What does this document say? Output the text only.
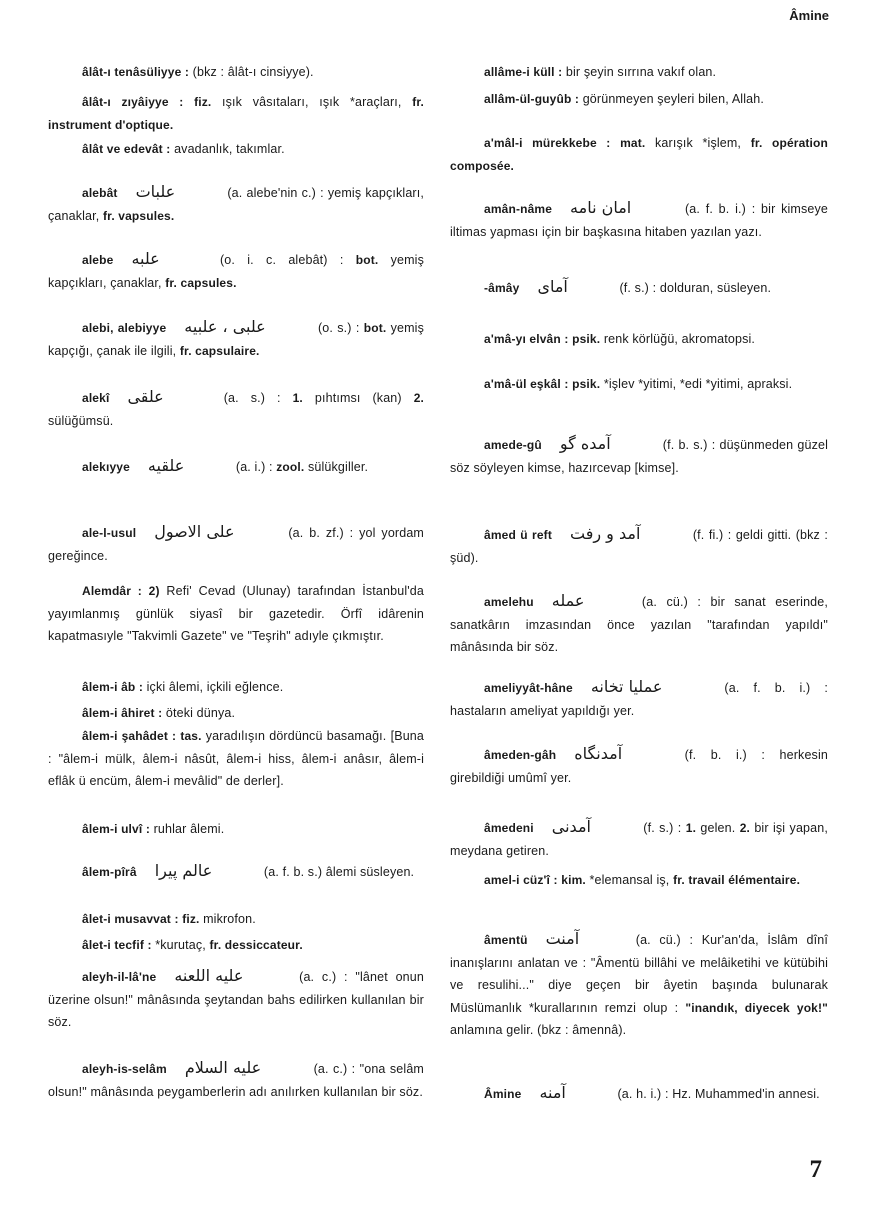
Âmine
âlât-ı tenâsüliyye : (bkz : âlât-ı cinsiyye).
âlât-ı zıyâiyye : fiz. ışık vâsıtaları, ışık *araçları, fr. instrument d'optique.
âlât ve edevât : avadanlık, takımlar.
alebât علبات	(a. alebe'nin c.) : yemiş kapçıkları, çanaklar, fr. vapsules.
alebe علبه	(o. i. c. alebât) : bot. yemiş kapçıkları, çanaklar, fr. capsules.
alebi, alebiyye علبى ، علبيه	(o. s.) : bot. yemiş kapçığı, çanak ile ilgili, fr. capsulaire.
alekî علقى	(a. s.) : 1. pıhtımsı (kan) 2. sülüğümsü.
alekıyye علقيه	(a. i.) : zool. sülükgiller.
ale-l-usul على الاصول	(a. b. zf.) : yol yordam gereğince.
Alemdâr : 2) Refi' Cevad (Ulunay) tarafından İstanbul'da yayımlanmış günlük siyasî bir gazetedir. Örfî idârenin kapatmasıyle "Takvimli Gazete" ve "Teşrih" adıyle çıkmıştır.
âlem-i âb : içki âlemi, içkili eğlence.
âlem-i âhiret : öteki dünya.
âlem-i şahâdet : tas. yaradılışın dördüncü basamağı. [Buna : "âlem-i mülk, âlem-i nâsût, âlem-i hiss, âlem-i anâsır, âlem-i eflâk ü encüm, âlem-i mevâlid" de derler].
âlem-i ulvî : ruhlar âlemi.
âlem-pîrâ عالم پيرا	(a. f. b. s.) âlemi süsleyen.
âlet-i musavvat : fiz. mikrofon.
âlet-i tecfif : *kurutaç, fr. dessiccateur.
aleyh-il-lâ'ne عليه اللعنه	(a. c.) : "lânet onun üzerine olsun!" mânâsında şeytandan bahs edilirken kullanılan bir söz.
aleyh-is-selâm عليه السلام	(a. c.) : "ona selâm olsun!" mânâsında peygamberlerin adı anılırken kullanılan bir söz.
allâme-i küll : bir şeyin sırrına vakıf olan.
allâm-ül-guyûb : görünmeyen şeyleri bilen, Allah.
a'mâl-i mürekkebe : mat. karışık *işlem, fr. opération composée.
amân-nâme امان نامه	(a. f. b. i.) : bir kimseye iltimas yapması için bir başkasına hitaben yazılan yazı.
-âmây آماى	(f. s.) : dolduran, süsleyen.
a'mâ-yı elvân : psik. renk körlüğü, akromatopsi.
a'mâ-ül eşkâl : psik. *işlev *yitimi, *edi *yitimi, apraksi.
amede-gû آمده گو	(f. b. s.) : düşünmeden güzel söz söyleyen kimse, hazırcevap [kimse].
âmed ü reft آمد و رفت	(f. fi.) : geldi gitti. (bkz : şüd).
amelehu عمله	(a. cü.) : bir sanat eserinde, sanatkârın imzasından önce yazılan "tarafından yapıldı" mânâsında bir söz.
ameliyyât-hâne عمليا تخانه	(a. f. b. i.) : hastaların ameliyat yapıldığı yer.
âmeden-gâh آمدنگاه	(f. b. i.) : herkesin girebildiği umûmî yer.
âmedeni آمدنى	(f. s.) : 1. gelen. 2. bir işi yapan, meydana getiren.
amel-i cüz'î : kim. *elemansal iş, fr. travail élémentaire.
âmentü آمنت	(a. cü.) : Kur'an'da, İslâm dînî inanışlarını anlatan ve : "Âmentü billâhi ve melâiketihi ve kütübihi ve resulihi..." diye geçen bir âyetin başında bulunarak Müslümanlık *kurallarının remzi olup : "inandık, diyecek yok!" anlamına gelir. (bkz : âmennâ).
Âmine آمنه	(a. h. i.) : Hz. Muhammed'in annesi.
7
